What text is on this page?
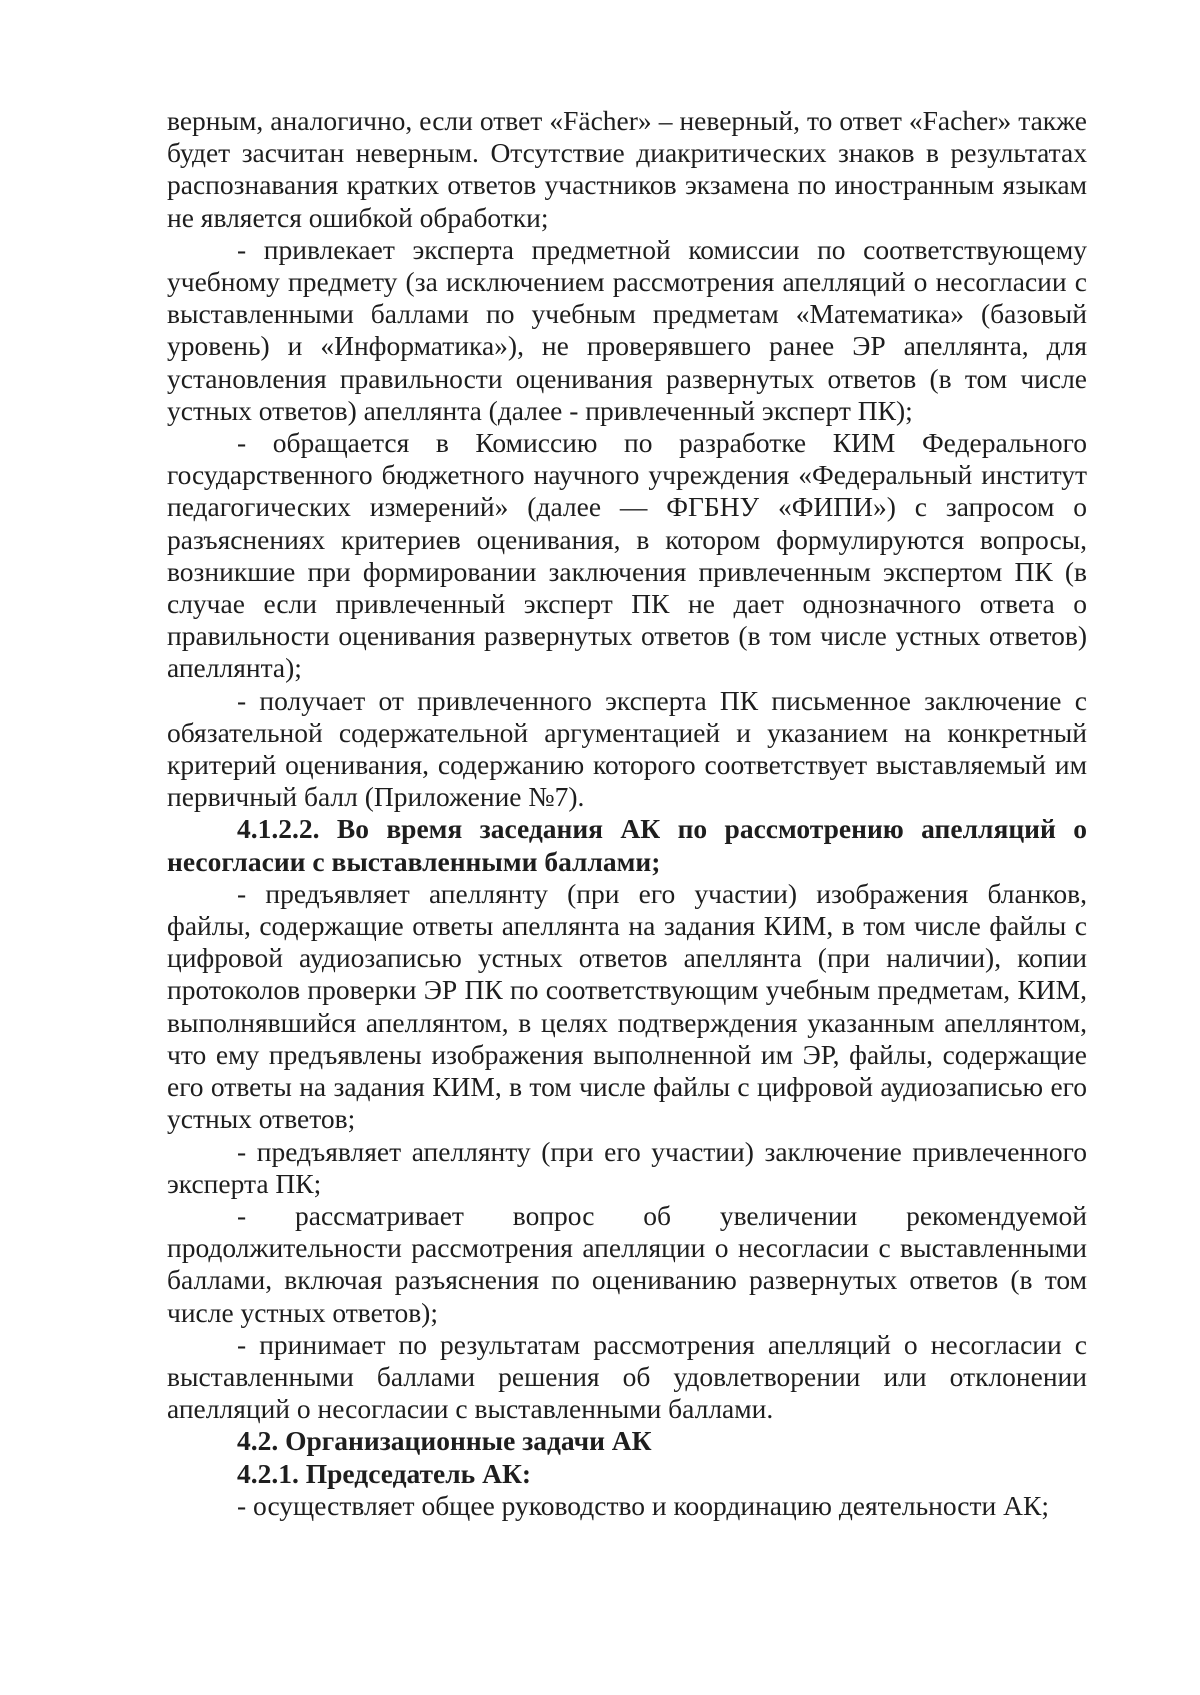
верным, аналогично, если ответ «Fächer» – неверный, то ответ «Facher» также будет засчитан неверным. Отсутствие диакритических знаков в результатах распознавания кратких ответов участников экзамена по иностранным языкам не является ошибкой обработки;

- привлекает эксперта предметной комиссии по соответствующему учебному предмету (за исключением рассмотрения апелляций о несогласии с выставленными баллами по учебным предметам «Математика» (базовый уровень) и «Информатика»), не проверявшего ранее ЭР апеллянта, для установления правильности оценивания развернутых ответов (в том числе устных ответов) апеллянта (далее - привлеченный эксперт ПК);

- обращается в Комиссию по разработке КИМ Федерального государственного бюджетного научного учреждения «Федеральный институт педагогических измерений» (далее — ФГБНУ «ФИПИ») с запросом о разъяснениях критериев оценивания, в котором формулируются вопросы, возникшие при формировании заключения привлеченным экспертом ПК (в случае если привлеченный эксперт ПК не дает однозначного ответа о правильности оценивания развернутых ответов (в том числе устных ответов) апеллянта);

- получает от привлеченного эксперта ПК письменное заключение с обязательной содержательной аргументацией и указанием на конкретный критерий оценивания, содержанию которого соответствует выставляемый им первичный балл (Приложение №7).

4.1.2.2. Во время заседания АК по рассмотрению апелляций о несогласии с выставленными баллами;

- предъявляет апеллянту (при его участии) изображения бланков, файлы, содержащие ответы апеллянта на задания КИМ, в том числе файлы с цифровой аудиозаписью устных ответов апеллянта (при наличии), копии протоколов проверки ЭР ПК по соответствующим учебным предметам, КИМ, выполнявшийся апеллянтом, в целях подтверждения указанным апеллянтом, что ему предъявлены изображения выполненной им ЭР, файлы, содержащие его ответы на задания КИМ, в том числе файлы с цифровой аудиозаписью его устных ответов;

- предъявляет апеллянту (при его участии) заключение привлеченного эксперта ПК;

- рассматривает вопрос об увеличении рекомендуемой продолжительности рассмотрения апелляции о несогласии с выставленными баллами, включая разъяснения по оцениванию развернутых ответов (в том числе устных ответов);

- принимает по результатам рассмотрения апелляций о несогласии с выставленными баллами решения об удовлетворении или отклонении апелляций о несогласии с выставленными баллами.

4.2. Организационные задачи АК

4.2.1. Председатель АК:

- осуществляет общее руководство и координацию деятельности АК;
